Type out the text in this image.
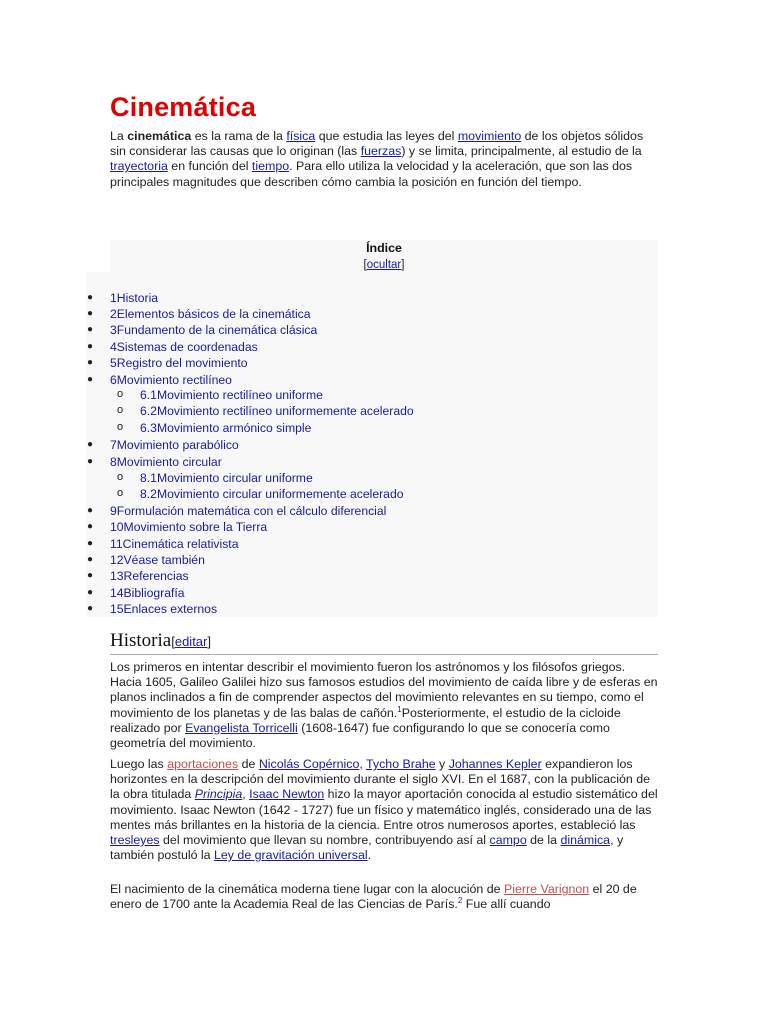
Cinemática

La cinemática es la rama de la física que estudia las leyes del movimiento de los objetos sólidos sin considerar las causas que lo originan (las fuerzas) y se limita, principalmente, al estudio de la trayectoria en función del tiempo. Para ello utiliza la velocidad y la aceleración, que son las dos principales magnitudes que describen cómo cambia la posición en función del tiempo.

Índice
[ocultar]
● 1Historia
● 2Elementos básicos de la cinemática
● 3Fundamento de la cinemática clásica
● 4Sistemas de coordenadas
● 5Registro del movimiento
● 6Movimiento rectilíneo
o 6.1Movimiento rectilíneo uniforme
o 6.2Movimiento rectilíneo uniformemente acelerado
o 6.3Movimiento armónico simple
● 7Movimiento parabólico
● 8Movimiento circular
o 8.1Movimiento circular uniforme
o 8.2Movimiento circular uniformemente acelerado
● 9Formulación matemática con el cálculo diferencial
● 10Movimiento sobre la Tierra
● 11Cinemática relativista
● 12Véase también
● 13Referencias
● 14Bibliografía
● 15Enlaces externos
Historia[editar]

Los primeros en intentar describir el movimiento fueron los astrónomos y los filósofos griegos. Hacia 1605, Galileo Galilei hizo sus famosos estudios del movimiento de caída libre y de esferas en planos inclinados a fin de comprender aspectos del movimiento relevantes en su tiempo, como el movimiento de los planetas y de las balas de cañón.$^1$Posteriormente, el estudio de la cicloide realizado por Evangelista Torricelli (1608-1647) fue configurando lo que se conocería como geometría del movimiento.

Luego las aportaciones de Nicolás Copérnico, Tycho Brahe y Johannes Kepler expandieron los horizontes en la descripción del movimiento durante el siglo XVI. En el 1687, con la publicación de la obra titulada Principia, Isaac Newton hizo la mayor aportación conocida al estudio sistemático del movimiento. Isaac Newton (1642 - 1727) fue un físico y matemático inglés, considerado una de las mentes más brillantes en la historia de la ciencia. Entre otros numerosos aportes, estableció las tresleyes del movimiento que llevan su nombre, contribuyendo así al campo de la dinámica, y también postuló la Ley de gravitación universal.

El nacimiento de la cinemática moderna tiene lugar con la alocución de Pierre Varignon el 20 de enero de 1700 ante la Academia Real de las Ciencias de París.$^2$ Fue allí cuando
